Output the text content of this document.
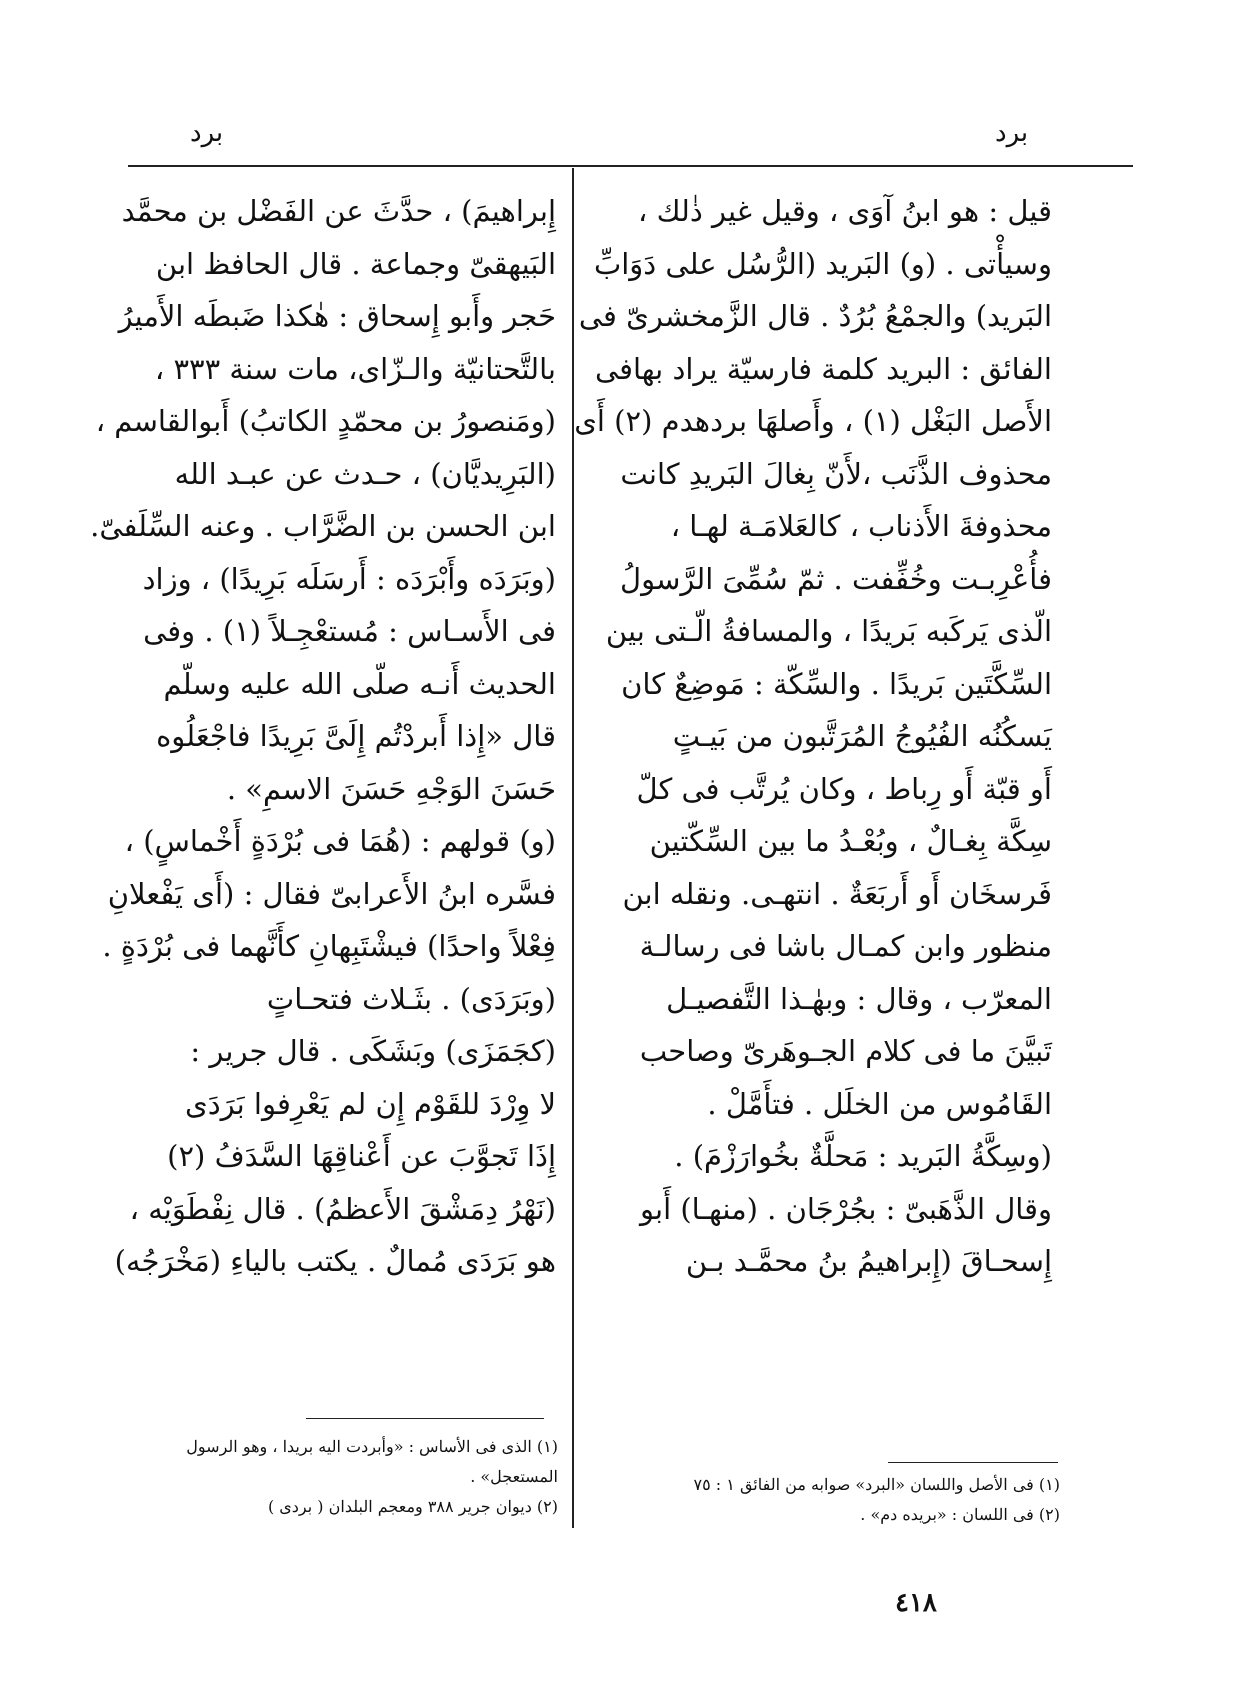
برد
برد
قيل : هو ابنُ آوَى ، وقيل غير ذٰلك ،
وسيأْتى . (و) البَريد (الرُّسُل على دَوَابِّ
البَريد) والجمْعُ بُرُدٌ . قال الزَّمخشرىّ فى
الفائق : البريد كلمة فارسيّة يراد بهافى
الأَصل البَغْل (١) ، وأَصلهَا بردهدم (٢) أَى
محذوف الذَّنَب ،لأَنّ بِغالَ البَريدِ كانت
محذوفةَ الأَذناب ، كالعَلامَـة لهـا ،
فأُعْرِبـت وخُفِّفت . ثمّ سُمِّىَ الرَّسولُ
الّذى يَركَبه بَريدًا ، والمسافةُ الّـتى بين
السِّكَّتَين بَريدًا . والسِّكّة : مَوضِعٌ كان
يَسكُنُه الفُيُوجُ المُرَتَّبون من بَيـتٍ
أَو قبّة أَو رِباط ، وكان يُرتَّب فى كلّ
سِكَّة بِغـالٌ ، وبُعْـدُ ما بين السِّكّتين
فَرسخَان أَو أَربَعَةٌ . انتهـى. ونقله ابن
منظور وابن كمـال باشا فى رسالـة
المعرّب ، وقال : وبهٰـذا التَّفصيـل
تَبيَّنَ ما فى كلام الجـوهَرىّ وصاحب
القَامُوس من الخلَل . فتأَمَّلْ .
(وسِكَّةُ البَريد : مَحلَّةٌ بخُوارَزْمَ) .
وقال الذَّهَبىّ : بجُرْجَان . (منهـا) أَبو
إِسحـاقَ (إِبراهيمُ بنُ محمَّـد بـن
إِبراهيمَ) ، حدَّثَ عن الفَضْل بن محمَّد
البَيهقىّ وجماعة . قال الحافظ ابن
حَجر وأَبو إِسحاق : هٰكذا ضَبطَه الأَميرُ
بالتَّحتانيّة والـزّاى، مات سنة ٣٣٣ ،
(ومَنصورُ بن محمّدٍ الكاتبُ) أَبوالقاسم ،
(البَرِيديَّان) ، حـدث عن عبـد الله
ابن الحسن بن الضَّرَّاب . وعنه السِّلَفىّ.
(وبَرَدَه وأَبْرَدَه : أَرسَلَه بَرِيدًا) ، وزاد
فى الأَسـاس : مُستعْجِـلاً (١) . وفى
الحديث أَنـه صلّى الله عليه وسلّم
قال «إِذا أَبردْتُم إِلَىَّ بَرِيدًا فاجْعَلُوه
حَسَنَ الوَجْهِ حَسَنَ الاسمِ» .
(و) قولهم : (هُمَا فى بُرْدَةٍ أَخْماسٍ) ،
فسَّره ابنُ الأَعرابىّ فقال : (أَى يَفْعلانِ
فِعْلاً واحدًا) فيشْتَبِهانِ كأَنَّهما فى بُرْدَةٍ .
(وبَرَدَى) . بثَـلاث فتحـاتٍ
(كجَمَزَى) وبَشَكَى . قال جرير :
لا وِرْدَ للقَوْم إِن لم يَعْرِفوا بَرَدَى
إِذَا تَجوَّبَ عن أَعْناقِهَا السَّدَفُ (٢)
(نَهْرُ دِمَشْقَ الأَعظمُ) . قال نِفْطَوَيْه ،
هو بَرَدَى مُمالٌ . يكتب بالياءِ (مَخْرَجُه)
(١) فى الأصل واللسان «البرد» صوابه من الفائق ١ : ٧٥
(٢) فى اللسان : «بريده دم» .
(١) الذى فى الأساس : «وأبردت اليه بريدا ، وهو الرسول
المستعجل» .
(٢) ديوان جرير ٣٨٨ ومعجم البلدان ( بردى )
٤١٨
